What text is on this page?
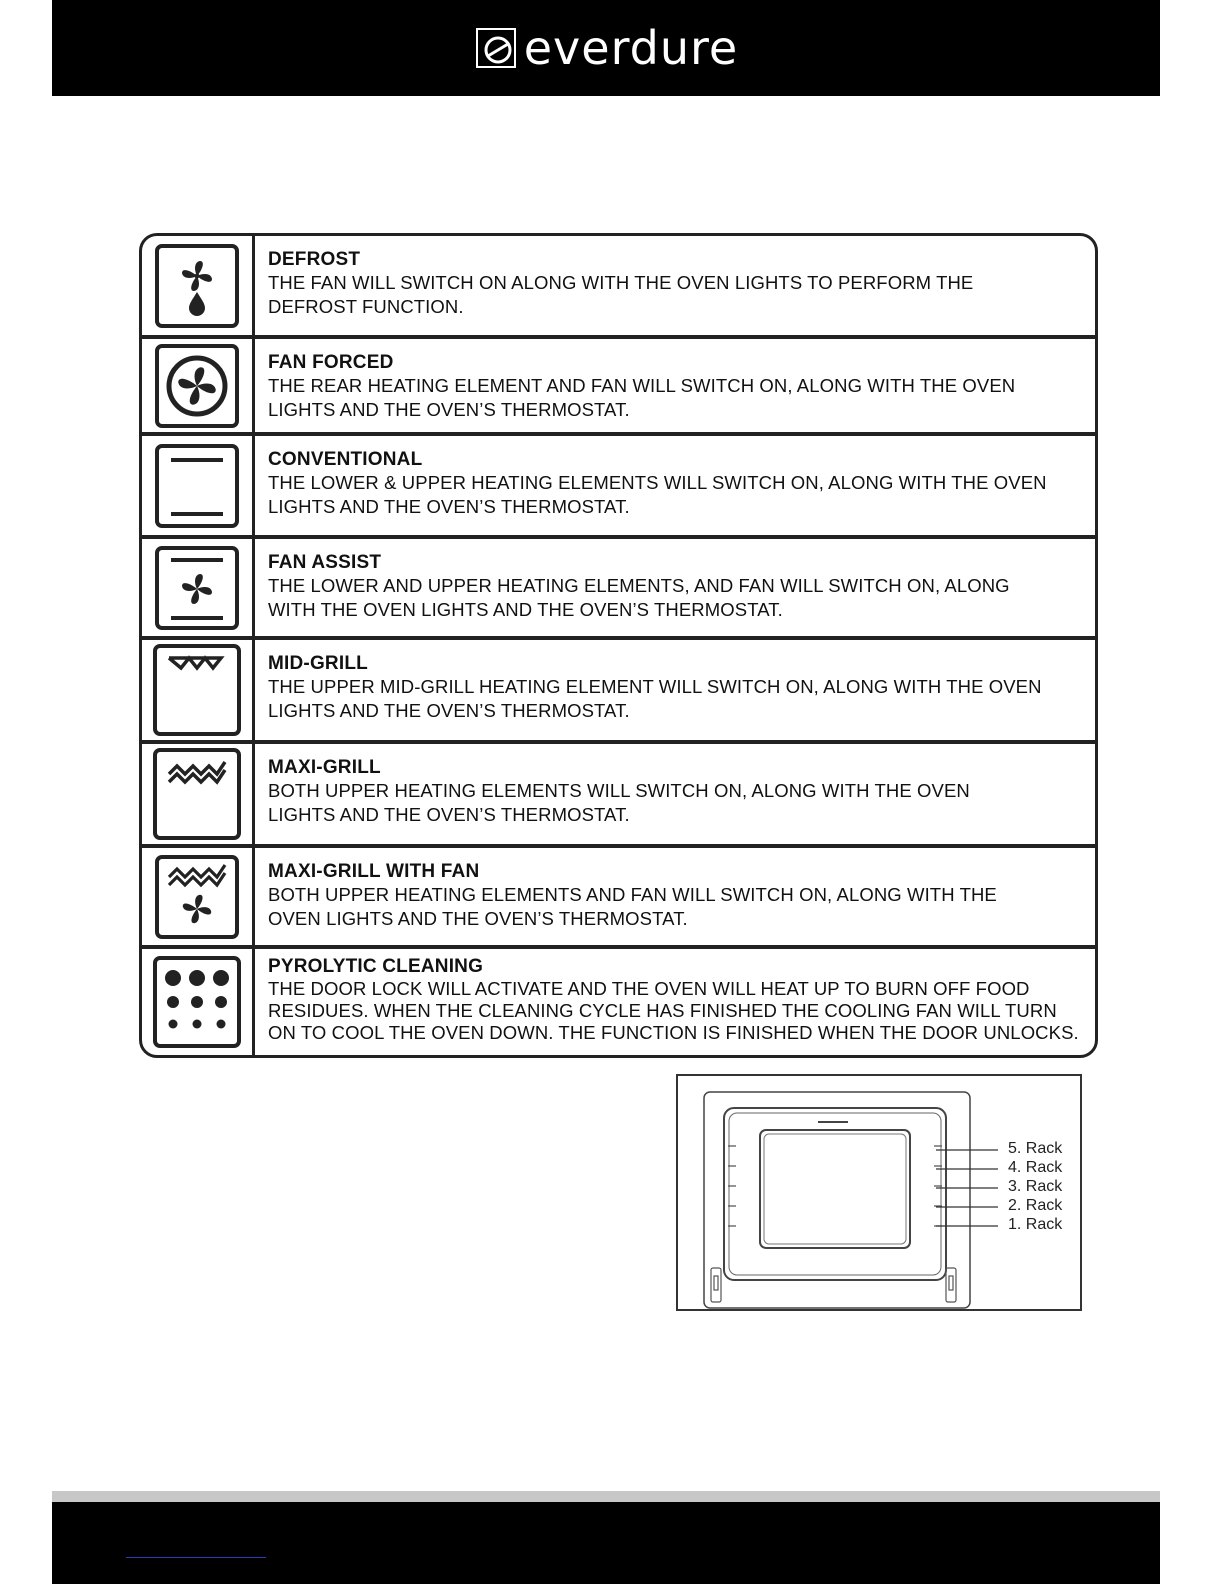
everdure
DEFROST
THE FAN WILL SWITCH ON ALONG WITH THE OVEN LIGHTS TO PERFORM THE
DEFROST FUNCTION.
FAN FORCED
THE REAR HEATING ELEMENT AND FAN WILL SWITCH ON, ALONG WITH THE OVEN
LIGHTS AND THE OVEN’S THERMOSTAT.
CONVENTIONAL
THE LOWER & UPPER HEATING ELEMENTS WILL SWITCH ON, ALONG WITH THE OVEN
LIGHTS AND THE OVEN’S THERMOSTAT.
FAN ASSIST
THE LOWER AND UPPER HEATING ELEMENTS, AND FAN WILL SWITCH ON, ALONG
WITH THE OVEN LIGHTS AND THE OVEN’S THERMOSTAT.
MID-GRILL
THE UPPER MID-GRILL HEATING ELEMENT WILL SWITCH ON, ALONG WITH THE OVEN
LIGHTS AND THE OVEN’S THERMOSTAT.
MAXI-GRILL
BOTH UPPER HEATING ELEMENTS WILL SWITCH ON, ALONG WITH THE OVEN
LIGHTS AND THE OVEN’S THERMOSTAT.
MAXI-GRILL WITH FAN
BOTH UPPER HEATING ELEMENTS AND FAN WILL SWITCH ON, ALONG WITH THE
OVEN LIGHTS AND THE OVEN’S THERMOSTAT.
PYROLYTIC CLEANING
THE DOOR LOCK WILL ACTIVATE AND THE OVEN WILL HEAT UP TO BURN OFF FOOD
RESIDUES. WHEN THE CLEANING CYCLE HAS FINISHED THE COOLING FAN WILL TURN
ON TO COOL THE OVEN DOWN. THE FUNCTION IS FINISHED WHEN THE DOOR UNLOCKS.
5. Rack
4. Rack
3. Rack
2. Rack
1. Rack
